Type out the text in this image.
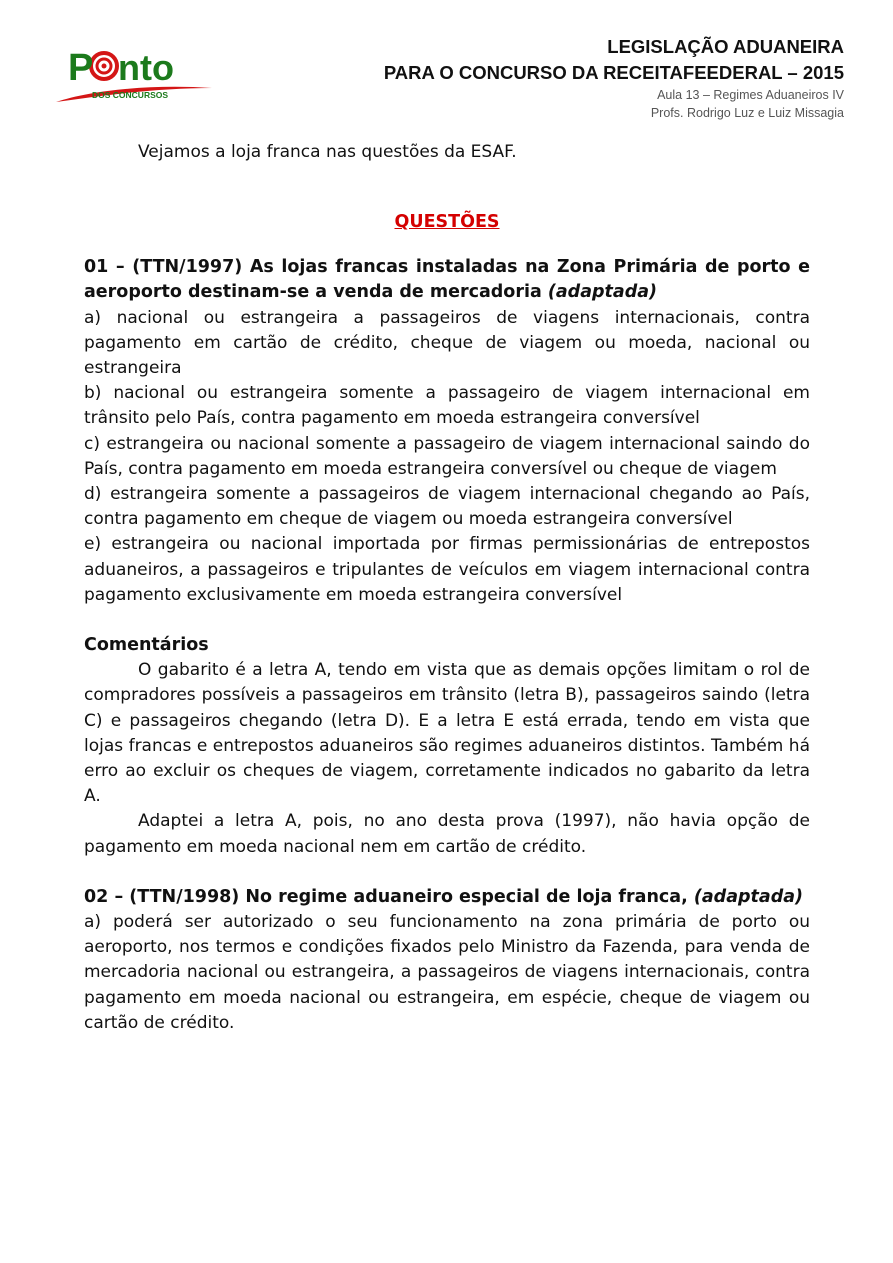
P nto
DOS CONCURSOS
LEGISLAÇÃO ADUANEIRA
PARA O CONCURSO DA RECEITAFEEDERAL – 2015
Aula 13 – Regimes Aduaneiros IV
Profs. Rodrigo Luz e Luiz Missagia

Vejamos a loja franca nas questões da ESAF.

QUESTÕES

01 – (TTN/1997) As lojas francas instaladas na Zona Primária de porto e aeroporto destinam-se a venda de mercadoria (adaptada)

a) nacional ou estrangeira a passageiros de viagens internacionais, contra pagamento em cartão de crédito, cheque de viagem ou moeda, nacional ou estrangeira

b) nacional ou estrangeira somente a passageiro de viagem internacional em trânsito pelo País, contra pagamento em moeda estrangeira conversível

c) estrangeira ou nacional somente a passageiro de viagem internacional saindo do País, contra pagamento em moeda estrangeira conversível ou cheque de viagem

d) estrangeira somente a passageiros de viagem internacional chegando ao País, contra pagamento em cheque de viagem ou moeda estrangeira conversível

e) estrangeira ou nacional importada por firmas permissionárias de entrepostos aduaneiros, a passageiros e tripulantes de veículos em viagem internacional contra pagamento exclusivamente em moeda estrangeira conversível

Comentários

O gabarito é a letra A, tendo em vista que as demais opções limitam o rol de compradores possíveis a passageiros em trânsito (letra B), passageiros saindo (letra C) e passageiros chegando (letra D). E a letra E está errada, tendo em vista que lojas francas e entrepostos aduaneiros são regimes aduaneiros distintos. Também há erro ao excluir os cheques de viagem, corretamente indicados no gabarito da letra A.

Adaptei a letra A, pois, no ano desta prova (1997), não havia opção de pagamento em moeda nacional nem em cartão de crédito.

02 – (TTN/1998) No regime aduaneiro especial de loja franca, (adaptada)

a) poderá ser autorizado o seu funcionamento na zona primária de porto ou aeroporto, nos termos e condições fixados pelo Ministro da Fazenda, para venda de mercadoria nacional ou estrangeira, a passageiros de viagens internacionais, contra pagamento em moeda nacional ou estrangeira, em espécie, cheque de viagem ou cartão de crédito.
